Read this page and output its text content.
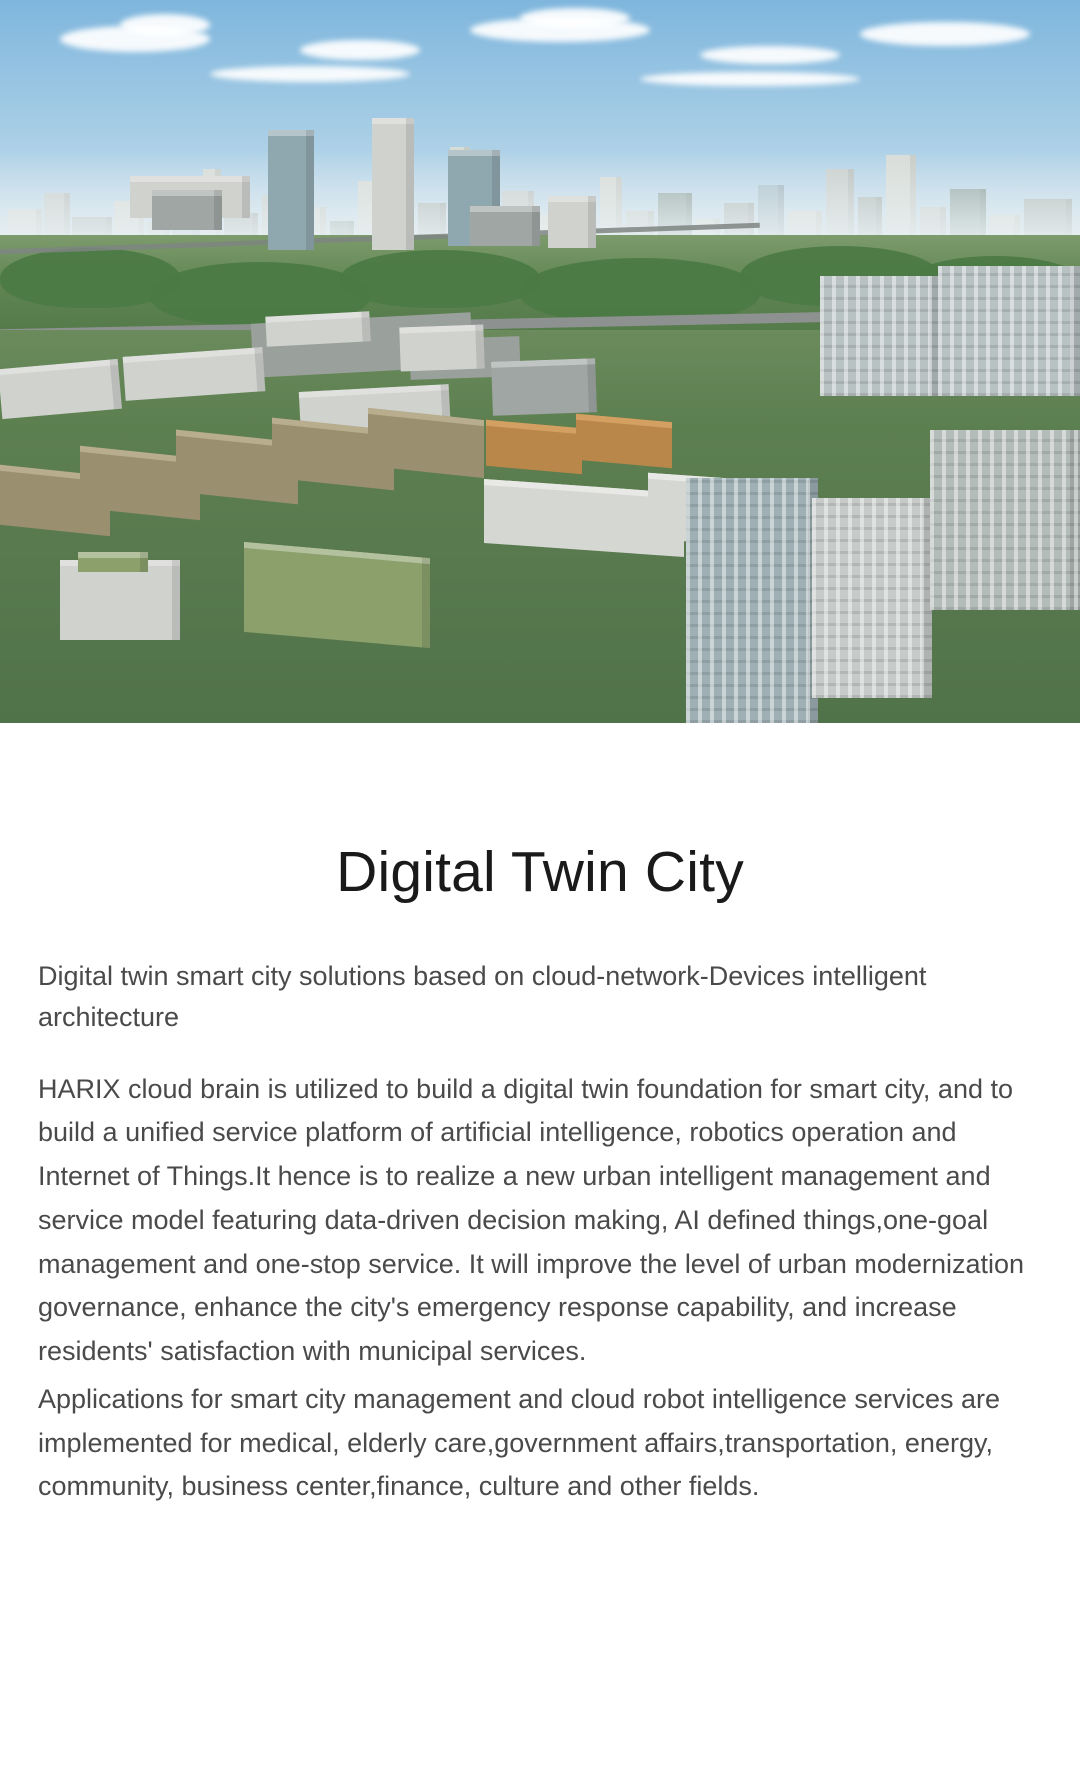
Digital Twin City

Digital twin smart city solutions based on cloud-network-Devices intelligent architecture

HARIX cloud brain is utilized to build a digital twin foundation for smart city, and to build a unified service platform of artificial intelligence, robotics operation and Internet of Things.It hence is to realize a new urban intelligent management and service model featuring data-driven decision making, AI defined things,one-goal management and one-stop service. It will improve the level of urban modernization governance, enhance the city's emergency response capability, and increase residents' satisfaction with municipal services.

Applications for smart city management and cloud robot intelligence services are implemented for medical, elderly care,government affairs,transportation, energy, community, business center,finance, culture and other fields.
